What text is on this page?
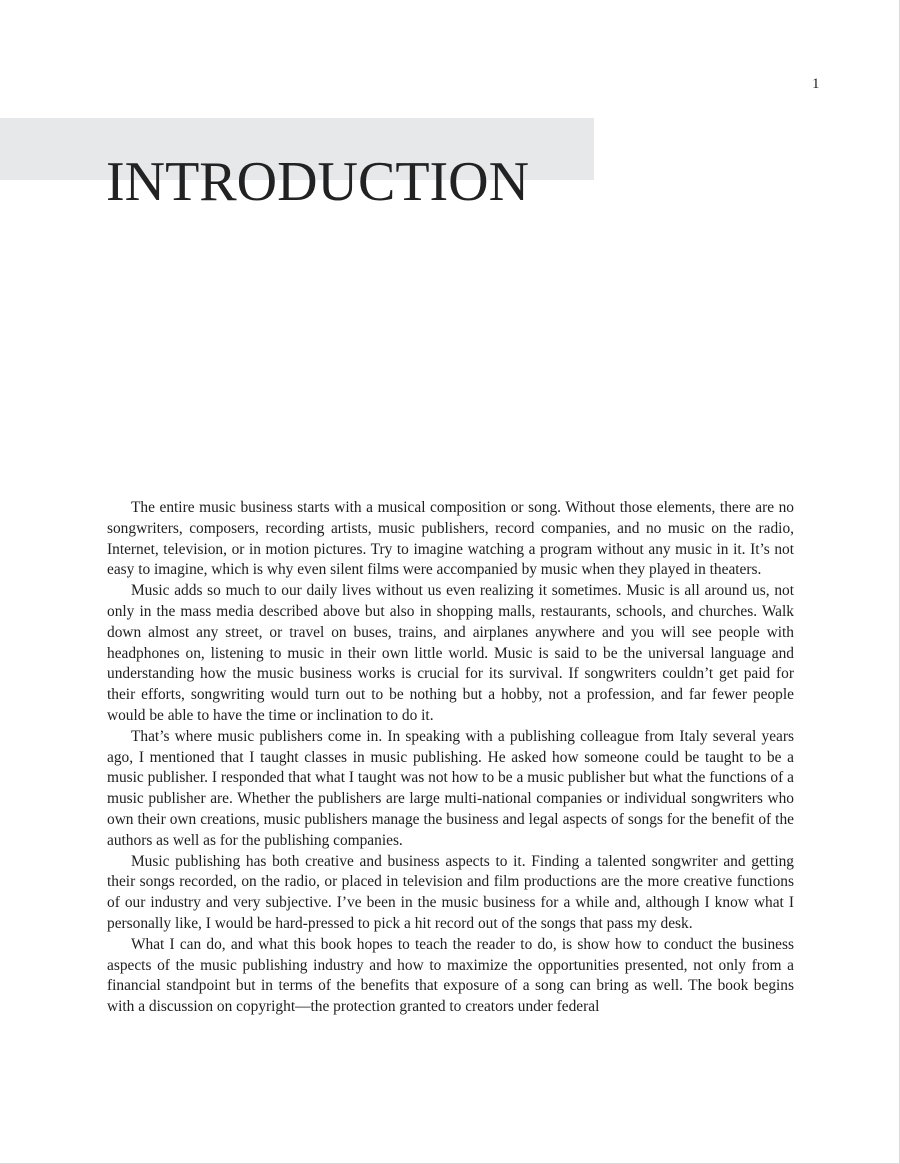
1
INTRODUCTION

The entire music business starts with a musical composition or song. Without those elements, there are no songwriters, composers, recording artists, music publishers, record companies, and no music on the radio, Internet, television, or in motion pictures. Try to imagine watching a program without any music in it. It’s not easy to imagine, which is why even silent films were accompanied by music when they played in theaters.

Music adds so much to our daily lives without us even realizing it sometimes. Music is all around us, not only in the mass media described above but also in shopping malls, restaurants, schools, and churches. Walk down almost any street, or travel on buses, trains, and airplanes anywhere and you will see people with headphones on, listening to music in their own little world. Music is said to be the universal language and understanding how the music business works is crucial for its survival. If songwriters couldn’t get paid for their efforts, songwriting would turn out to be nothing but a hobby, not a profession, and far fewer people would be able to have the time or inclination to do it.

That’s where music publishers come in. In speaking with a publishing colleague from Italy several years ago, I mentioned that I taught classes in music publishing. He asked how someone could be taught to be a music publisher. I responded that what I taught was not how to be a music publisher but what the functions of a music publisher are. Whether the publishers are large multi-national companies or individual songwriters who own their own creations, music publishers manage the business and legal aspects of songs for the benefit of the authors as well as for the publishing companies.

Music publishing has both creative and business aspects to it. Finding a talented songwriter and getting their songs recorded, on the radio, or placed in television and film productions are the more creative functions of our industry and very subjective. I’ve been in the music business for a while and, although I know what I personally like, I would be hard-pressed to pick a hit record out of the songs that pass my desk.

What I can do, and what this book hopes to teach the reader to do, is show how to conduct the business aspects of the music publishing industry and how to maximize the opportunities presented, not only from a financial standpoint but in terms of the benefits that exposure of a song can bring as well. The book begins with a discussion on copyright—the protection granted to creators under federal
